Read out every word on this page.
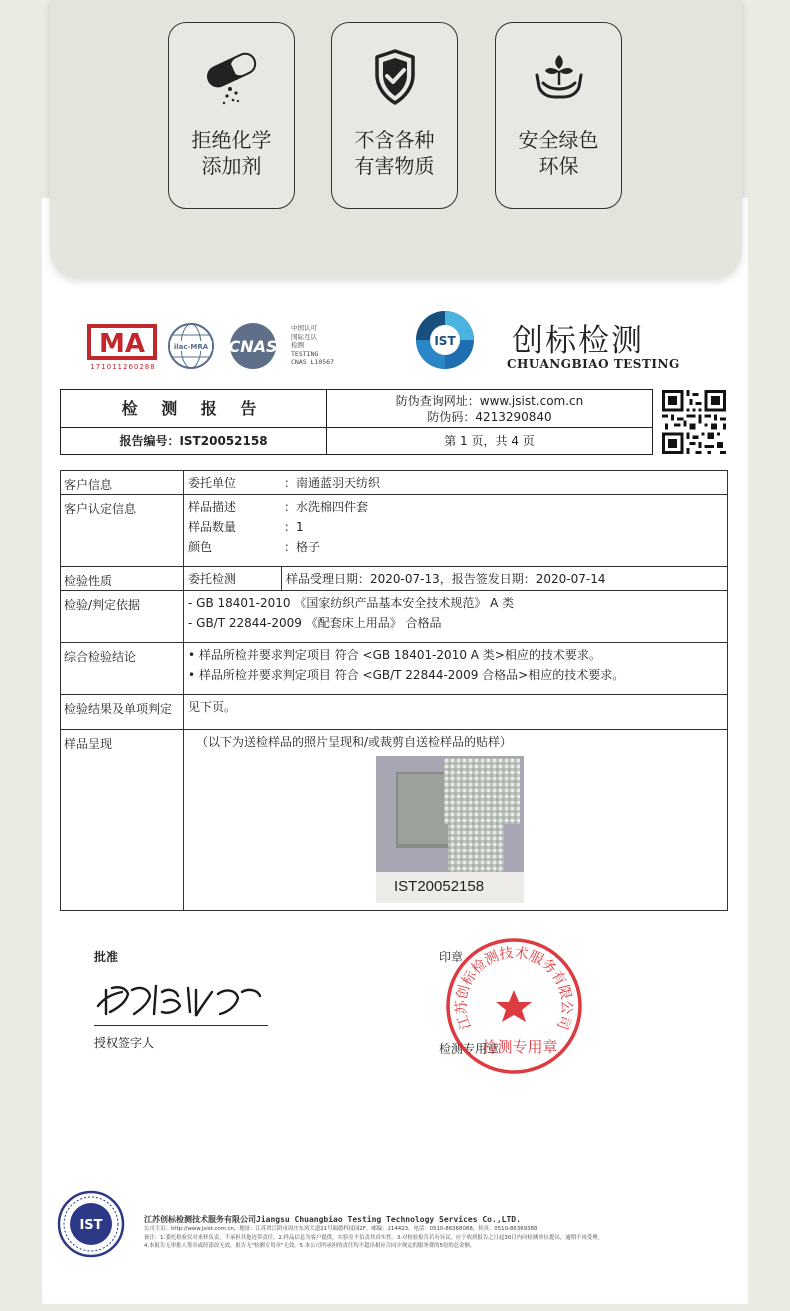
拒绝化学
添加剂
不含各种
有害物质
安全绿色
环保
MA
171011260288
ilac-MRA CNAS
中国认可
国际互认
检测
TESTING
CNAS L10567
IST 创标检测
CHUANGBIAO TESTING
检 测 报 告	防伪查询网址：www.jsist.com.cn
防伪码：4213290840
报告编号：IST20052158	第 1 页，共 4 页
客户信息	委托单位	：南通蓝羽天纺织
客户认定信息	样品描述	：水洗棉四件套
样品数量	：1
颜色	：格子
检验性质	委托检测	样品受理日期：2020-07-13，报告签发日期：2020-07-14
检验/判定依据	- GB 18401-2010 《国家纺织产品基本安全技术规范》 A 类
- GB/T 22844-2009 《配套床上用品》 合格品
综合检验结论	• 样品所检并要求判定项目 符合 <GB 18401-2010 A 类>相应的技术要求。
• 样品所检并要求判定项目 符合 <GB/T 22844-2009 合格品>相应的技术要求。
检验结果及单项判定	见下页。
样品呈现	（以下为送检样品的照片呈现和/或裁剪自送检样品的贴样）
IST20052158
批准
授权签字人
印章
检测专用章
江苏创标检测技术服务有限公司
检测专用章
IST	江苏创标检测技术服务有限公司Jiangsu Chuangbiao Testing Technology Services Co.,LTD.
公司主页：http://www.jsist.com.cn，地址：江苏省江阴市周庄东风大道21号瑞德科技园2F，邮编：214423，电话：0510-86368088，传真：0510-86369388
备注：1.委托检验仅对来样负责，不承担其他连带责任。2.样品信息为客户提供，实验室不负责其真实性。3.对检验报告若有异议，应于收到报告之日起30日内向检测单位提出，逾期不再受理。
4.本报告无审批人签章或经涂改无效，报告无"检测专用章"无效。5.本公司所承担的责任均不超出相应合同中规定的服务费的5倍的总金额。
